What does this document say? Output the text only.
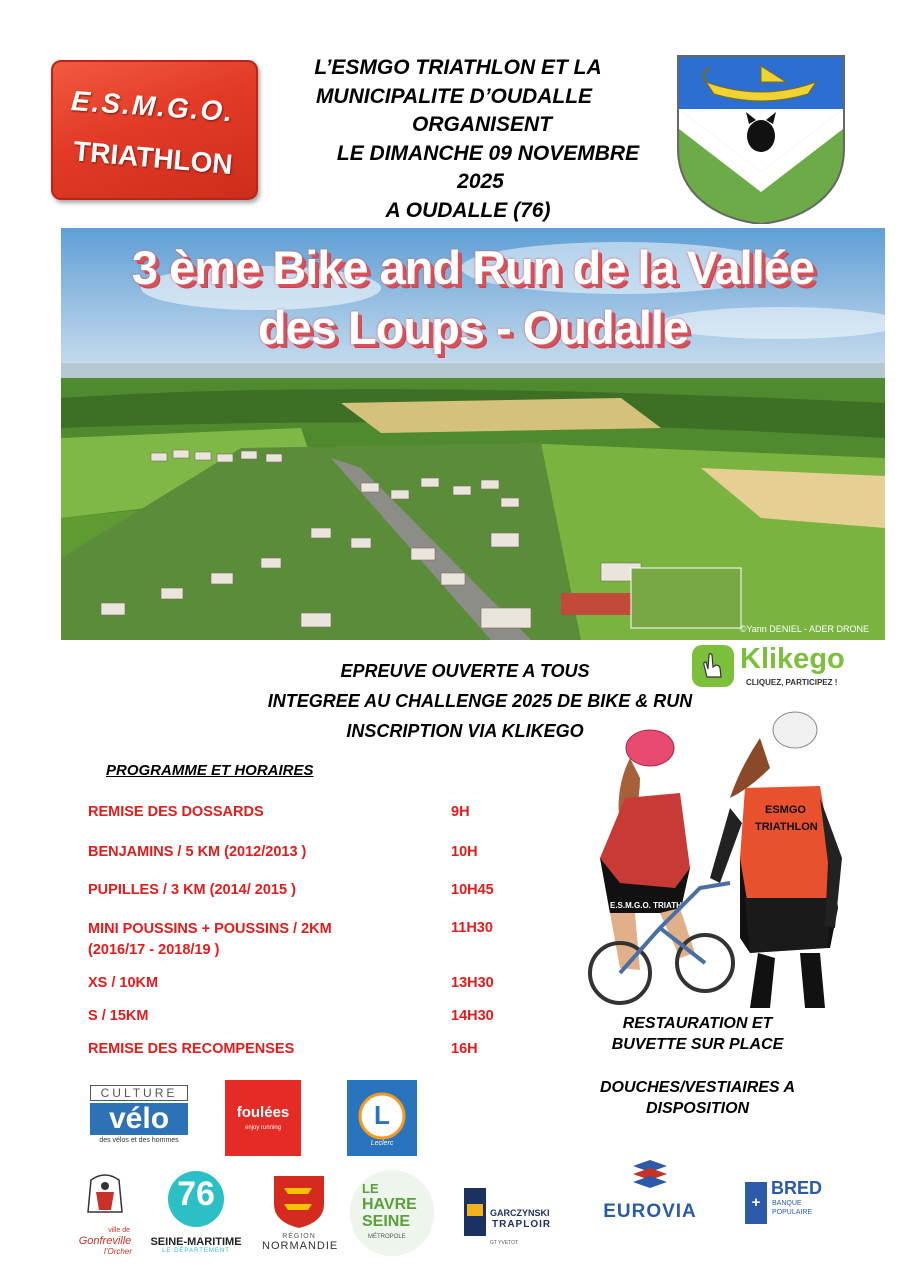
E.S.M.G.O.
TRIATHLON
L’ESMGO TRIATHLON ET LA
MUNICIPALITE D’OUDALLE
ORGANISENT
LE DIMANCHE 09 NOVEMBRE
2025
A OUDALLE (76)
3 ème Bike and Run de la Vallée
des Loups - Oudalle
©Yann DENIEL - ADER DRONE
EPREUVE OUVERTE A TOUS
INTEGREE AU CHALLENGE 2025 DE BIKE & RUN
INSCRIPTION VIA KLIKEGO
Klikego
CLIQUEZ, PARTICIPEZ !
PROGRAMME ET HORAIRES
REMISE DES DOSSARDS	9H
BENJAMINS / 5 KM (2012/2013 )	10H
PUPILLES / 3 KM (2014/ 2015 )	10H45
MINI POUSSINS + POUSSINS / 2KM
(2016/17 - 2018/19 )
11H30
XS / 10KM	13H30
S / 15KM	14H30
REMISE DES RECOMPENSES	16H
ESMGO
TRIATHLON
E.S.M.G.O. TRIATHLON
RESTAURATION ET
BUVETTE SUR PLACE
DOUCHES/VESTIAIRES A
DISPOSITION
CULTURE
vélo
des vélos et des hommes
foulées
enjoy running	L
Leclerc
ville de
Gonfreville
l’Orcher
76
SEINE-MARITIME
LE DÉPARTEMENT
RÉGION
NORMANDIE
LE
HAVRE
SEINE
MÉTROPOLE
GARCZYNSKI
TRAPLOIR
GT YVETOT
EUROVIA	+
BRED
BANQUE
POPULAIRE
